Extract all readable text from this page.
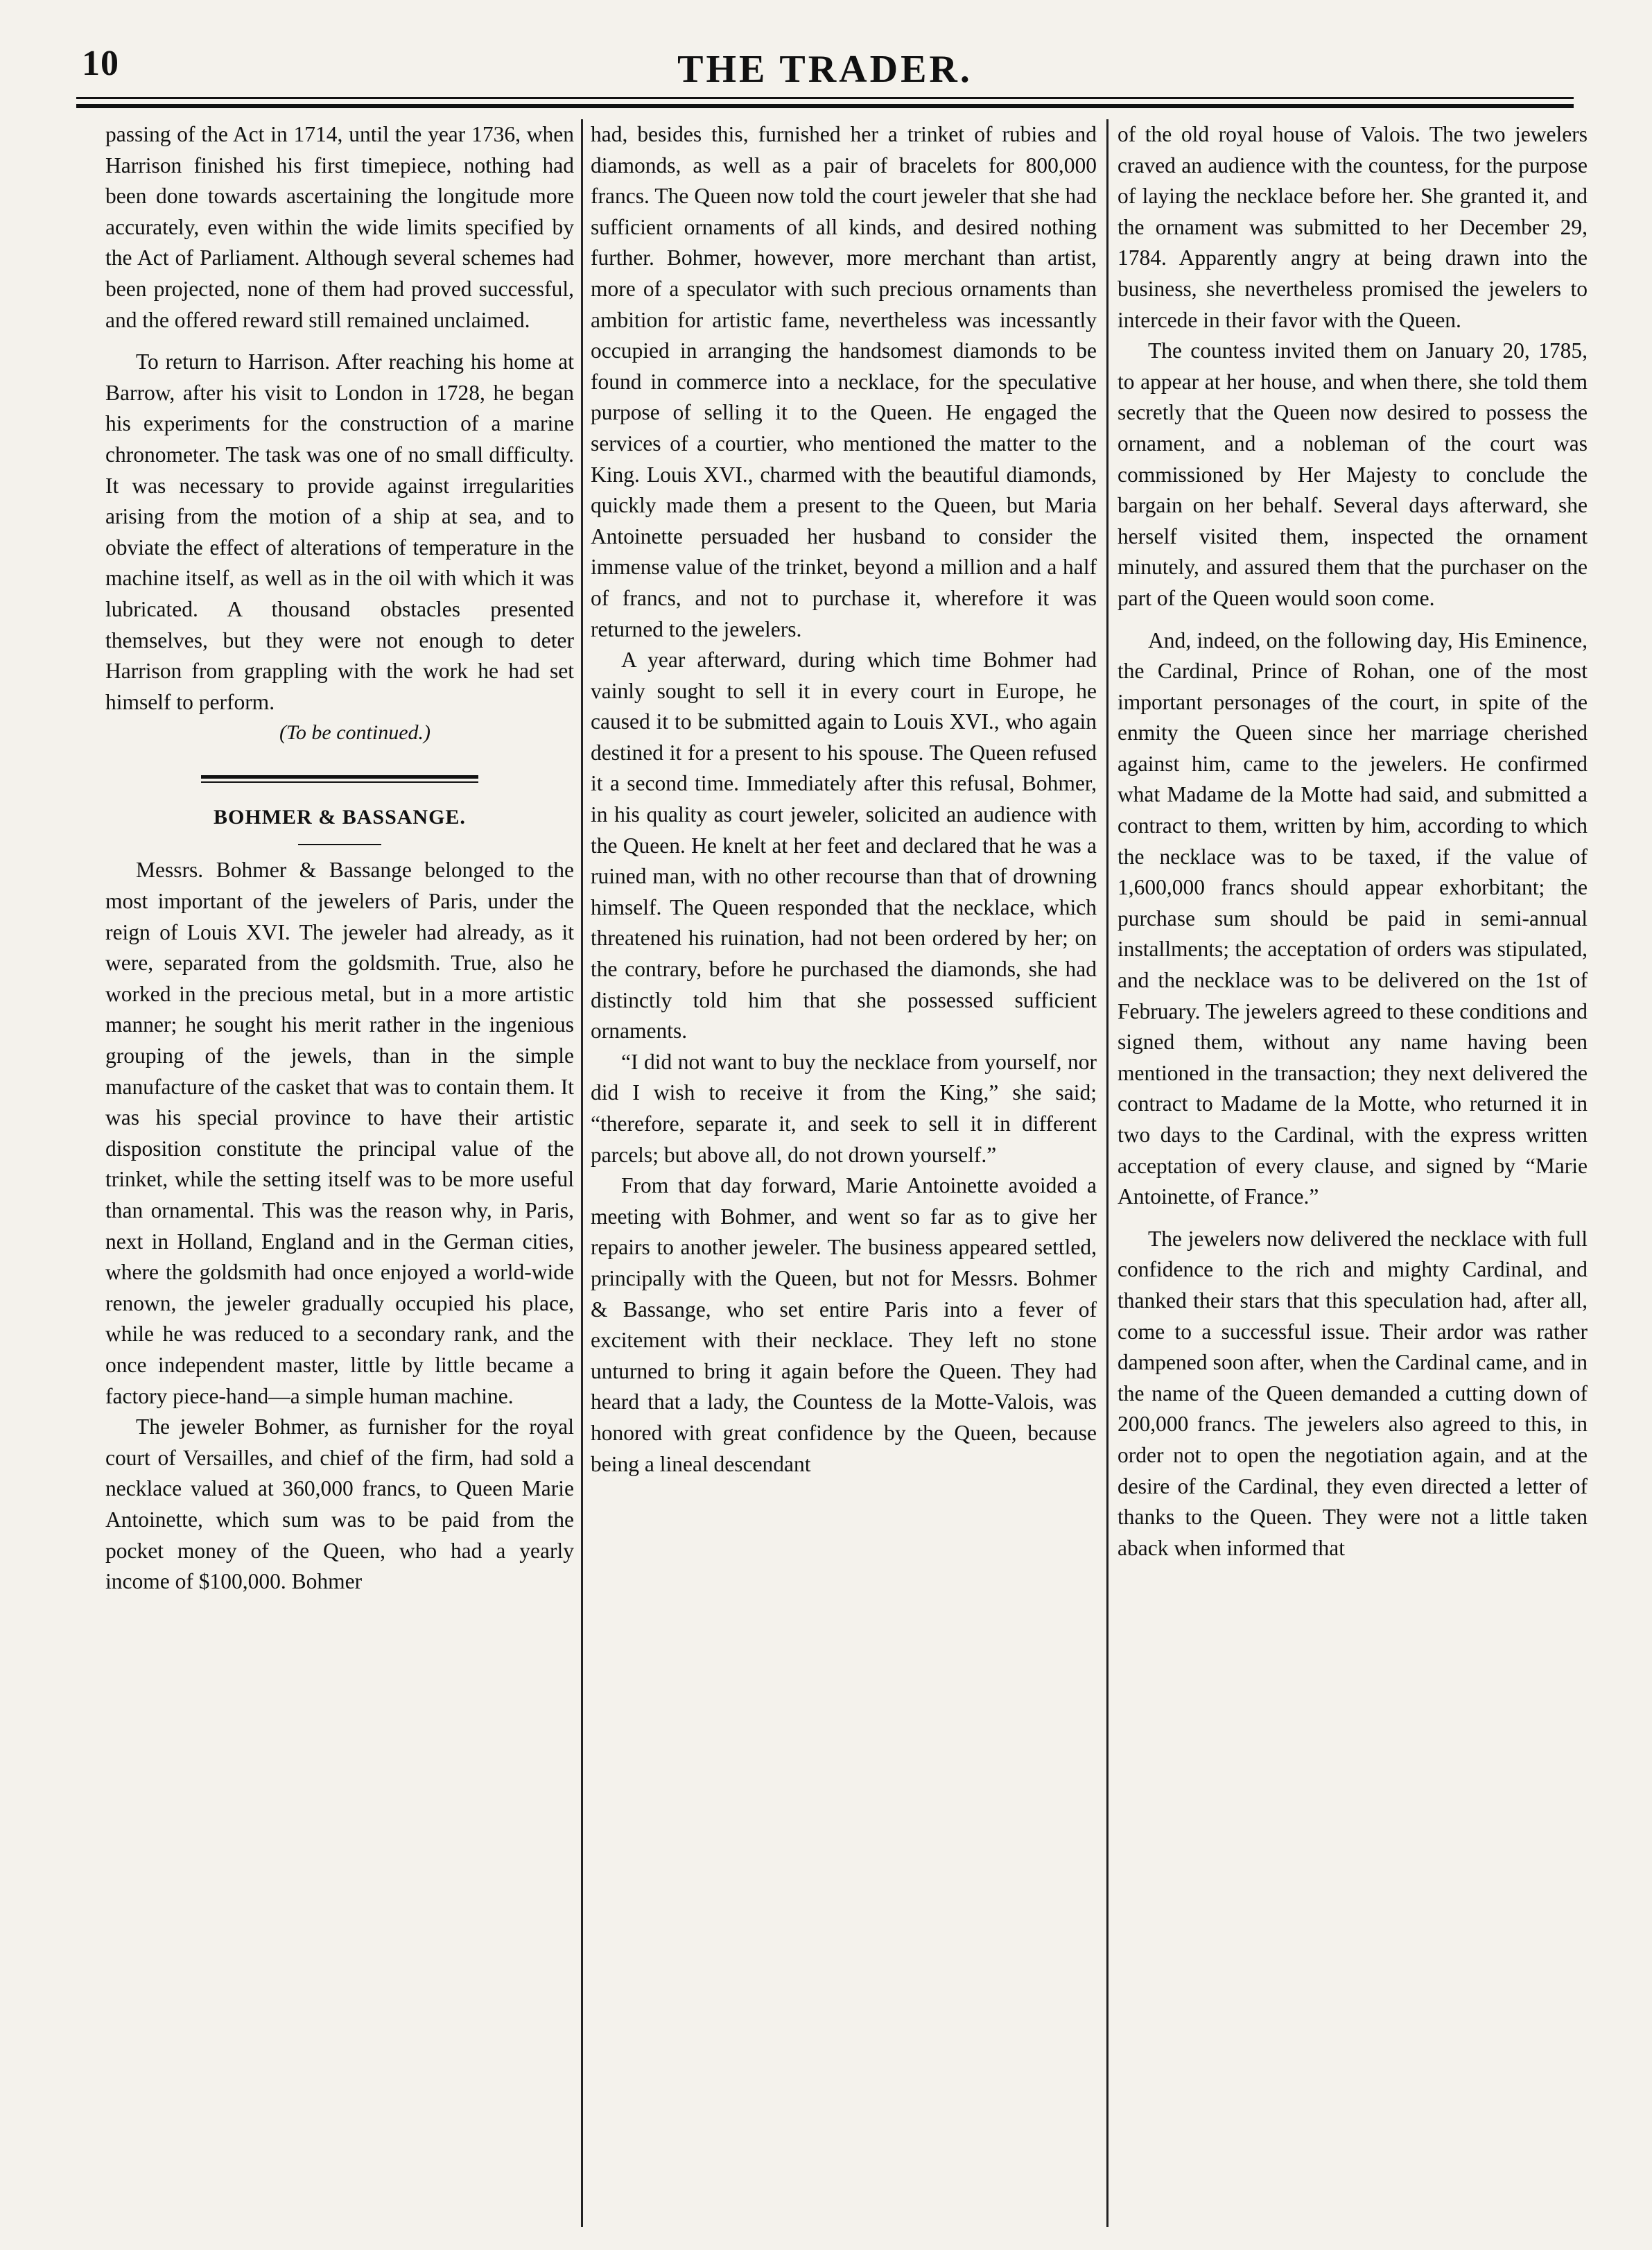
10	THE TRADER.

passing of the Act in 1714, until the year 1736, when Harrison finished his first timepiece, nothing had been done towards ascertaining the longitude more accurately, even within the wide limits specified by the Act of Parliament. Although several schemes had been projected, none of them had proved successful, and the offered reward still remained unclaimed.

To return to Harrison. After reaching his home at Barrow, after his visit to London in 1728, he began his experiments for the construction of a marine chronometer. The task was one of no small difficulty. It was necessary to provide against irregularities arising from the motion of a ship at sea, and to obviate the effect of alterations of temperature in the machine itself, as well as in the oil with which it was lubricated. A thousand obstacles presented themselves, but they were not enough to deter Harrison from grappling with the work he had set himself to perform.

(To be continued.)

BOHMER & BASSANGE.

Messrs. Bohmer & Bassange belonged to the most important of the jewelers of Paris, under the reign of Louis XVI. The jeweler had already, as it were, separated from the goldsmith. True, also he worked in the precious metal, but in a more artistic manner; he sought his merit rather in the ingenious grouping of the jewels, than in the simple manufacture of the casket that was to contain them. It was his special province to have their artistic disposition constitute the principal value of the trinket, while the setting itself was to be more useful than ornamental. This was the reason why, in Paris, next in Holland, England and in the German cities, where the goldsmith had once enjoyed a world-wide renown, the jeweler gradually occupied his place, while he was reduced to a secondary rank, and the once independent master, little by little became a factory piece-hand—a simple human machine.

The jeweler Bohmer, as furnisher for the royal court of Versailles, and chief of the firm, had sold a necklace valued at 360,000 francs, to Queen Marie Antoinette, which sum was to be paid from the pocket money of the Queen, who had a yearly income of $100,000. Bohmer

had, besides this, furnished her a trinket of rubies and diamonds, as well as a pair of bracelets for 800,000 francs. The Queen now told the court jeweler that she had sufficient ornaments of all kinds, and desired nothing further. Bohmer, however, more merchant than artist, more of a speculator with such precious ornaments than ambition for artistic fame, nevertheless was incessantly occupied in arranging the handsomest diamonds to be found in commerce into a necklace, for the speculative purpose of selling it to the Queen. He engaged the services of a courtier, who mentioned the matter to the King. Louis XVI., charmed with the beautiful diamonds, quickly made them a present to the Queen, but Maria Antoinette persuaded her husband to consider the immense value of the trinket, beyond a million and a half of francs, and not to purchase it, wherefore it was returned to the jewelers.

A year afterward, during which time Bohmer had vainly sought to sell it in every court in Europe, he caused it to be submitted again to Louis XVI., who again destined it for a present to his spouse. The Queen refused it a second time. Immediately after this refusal, Bohmer, in his quality as court jeweler, solicited an audience with the Queen. He knelt at her feet and declared that he was a ruined man, with no other recourse than that of drowning himself. The Queen responded that the necklace, which threatened his ruination, had not been ordered by her; on the contrary, before he purchased the diamonds, she had distinctly told him that she possessed sufficient ornaments.

“I did not want to buy the necklace from yourself, nor did I wish to receive it from the King,” she said; “therefore, separate it, and seek to sell it in different parcels; but above all, do not drown yourself.”

From that day forward, Marie Antoinette avoided a meeting with Bohmer, and went so far as to give her repairs to another jeweler. The business appeared settled, principally with the Queen, but not for Messrs. Bohmer & Bassange, who set entire Paris into a fever of excitement with their necklace. They left no stone unturned to bring it again before the Queen. They had heard that a lady, the Countess de la Motte-Valois, was honored with great confidence by the Queen, because being a lineal descendant

of the old royal house of Valois. The two jewelers craved an audience with the countess, for the purpose of laying the necklace before her. She granted it, and the ornament was submitted to her December 29, 1784. Apparently angry at being drawn into the business, she nevertheless promised the jewelers to intercede in their favor with the Queen.

The countess invited them on January 20, 1785, to appear at her house, and when there, she told them secretly that the Queen now desired to possess the ornament, and a nobleman of the court was commissioned by Her Majesty to conclude the bargain on her behalf. Several days afterward, she herself visited them, inspected the ornament minutely, and assured them that the purchaser on the part of the Queen would soon come.

And, indeed, on the following day, His Eminence, the Cardinal, Prince of Rohan, one of the most important personages of the court, in spite of the enmity the Queen since her marriage cherished against him, came to the jewelers. He confirmed what Madame de la Motte had said, and submitted a contract to them, written by him, according to which the necklace was to be taxed, if the value of 1,600,000 francs should appear exhorbitant; the purchase sum should be paid in semi-annual installments; the acceptation of orders was stipulated, and the necklace was to be delivered on the 1st of February. The jewelers agreed to these conditions and signed them, without any name having been mentioned in the transaction; they next delivered the contract to Madame de la Motte, who returned it in two days to the Cardinal, with the express written acceptation of every clause, and signed by “Marie Antoinette, of France.”

The jewelers now delivered the necklace with full confidence to the rich and mighty Cardinal, and thanked their stars that this speculation had, after all, come to a successful issue. Their ardor was rather dampened soon after, when the Cardinal came, and in the name of the Queen demanded a cutting down of 200,000 francs. The jewelers also agreed to this, in order not to open the negotiation again, and at the desire of the Cardinal, they even directed a letter of thanks to the Queen. They were not a little taken aback when informed that
